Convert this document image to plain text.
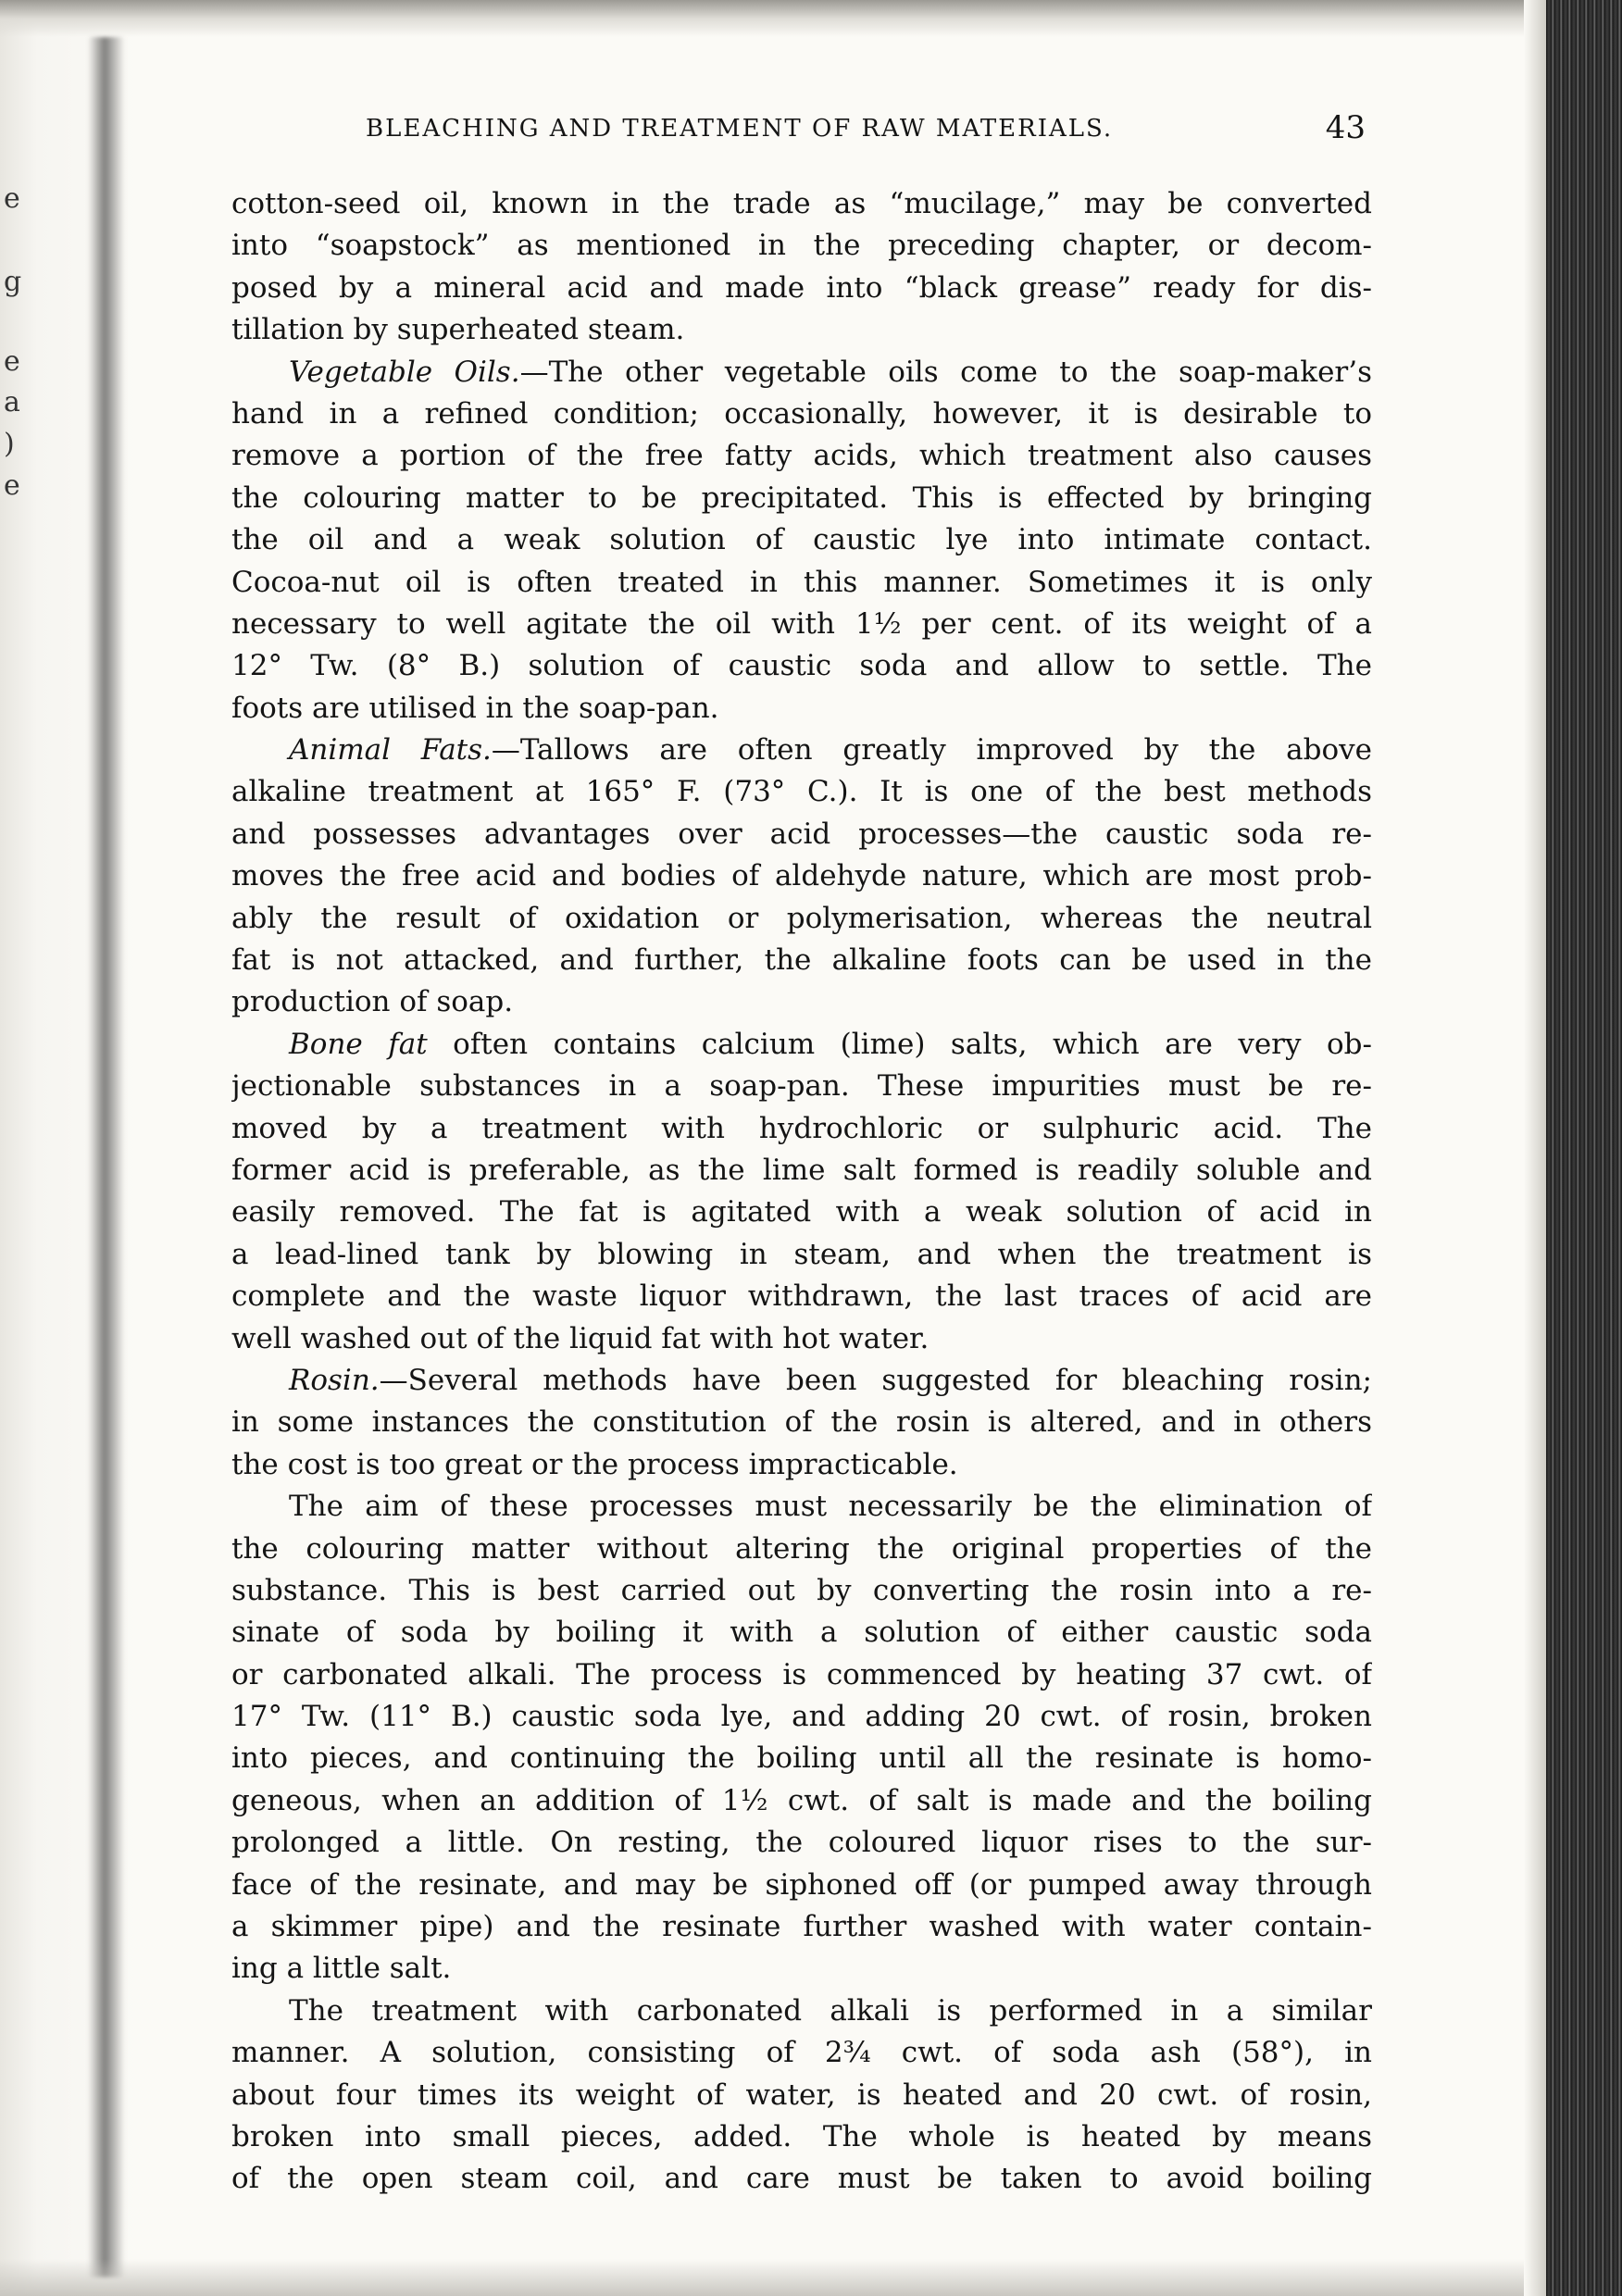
e
g
e
a
)
e
BLEACHING AND TREATMENT OF RAW MATERIALS.	43
cotton-seed oil, known in the trade as “mucilage,” may be converted
into “soapstock” as mentioned in the preceding chapter, or decom-
posed by a mineral acid and made into “black grease” ready for dis-
tillation by superheated steam.
Vegetable Oils.—The other vegetable oils come to the soap-maker’s
hand in a refined condition; occasionally, however, it is desirable to
remove a portion of the free fatty acids, which treatment also causes
the colouring matter to be precipitated. This is effected by bringing
the oil and a weak solution of caustic lye into intimate contact.
Cocoa-nut oil is often treated in this manner. Sometimes it is only
necessary to well agitate the oil with 1½ per cent. of its weight of a
12° Tw. (8° B.) solution of caustic soda and allow to settle. The
foots are utilised in the soap-pan.
Animal Fats.—Tallows are often greatly improved by the above
alkaline treatment at 165° F. (73° C.). It is one of the best methods
and possesses advantages over acid processes—the caustic soda re-
moves the free acid and bodies of aldehyde nature, which are most prob-
ably the result of oxidation or polymerisation, whereas the neutral
fat is not attacked, and further, the alkaline foots can be used in the
production of soap.
Bone fat often contains calcium (lime) salts, which are very ob-
jectionable substances in a soap-pan. These impurities must be re-
moved by a treatment with hydrochloric or sulphuric acid. The
former acid is preferable, as the lime salt formed is readily soluble and
easily removed. The fat is agitated with a weak solution of acid in
a lead-lined tank by blowing in steam, and when the treatment is
complete and the waste liquor withdrawn, the last traces of acid are
well washed out of the liquid fat with hot water.
Rosin.—Several methods have been suggested for bleaching rosin;
in some instances the constitution of the rosin is altered, and in others
the cost is too great or the process impracticable.
The aim of these processes must necessarily be the elimination of
the colouring matter without altering the original properties of the
substance. This is best carried out by converting the rosin into a re-
sinate of soda by boiling it with a solution of either caustic soda
or carbonated alkali. The process is commenced by heating 37 cwt. of
17° Tw. (11° B.) caustic soda lye, and adding 20 cwt. of rosin, broken
into pieces, and continuing the boiling until all the resinate is homo-
geneous, when an addition of 1½ cwt. of salt is made and the boiling
prolonged a little. On resting, the coloured liquor rises to the sur-
face of the resinate, and may be siphoned off (or pumped away through
a skimmer pipe) and the resinate further washed with water contain-
ing a little salt.
The treatment with carbonated alkali is performed in a similar
manner. A solution, consisting of 2¾ cwt. of soda ash (58°), in
about four times its weight of water, is heated and 20 cwt. of rosin,
broken into small pieces, added. The whole is heated by means
of the open steam coil, and care must be taken to avoid boiling
